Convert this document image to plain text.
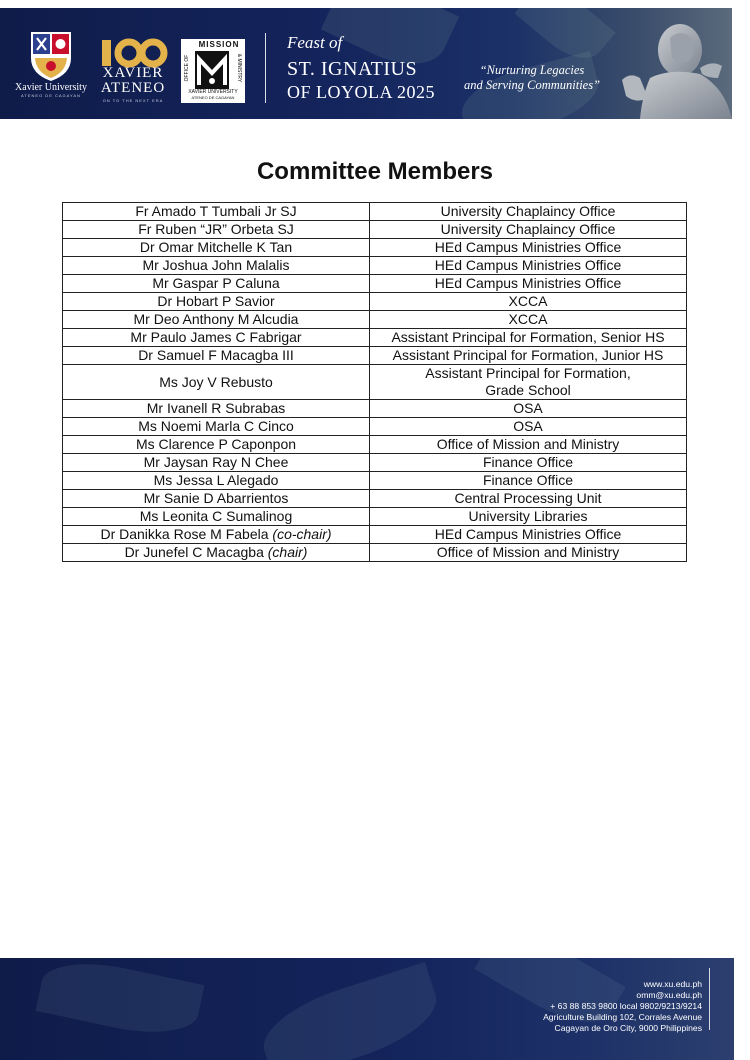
Xavier University
ATENEO DE CAGAYAN
XAVIER
ATENEO
ON TO THE NEXT ERA
MISSION
OFFICE OF	& MINISTRY
XAVIER UNIVERSITY
ATENEO DE CAGAYAN
Feast of
ST. IGNATIUS
OF LOYOLA 2025
“Nurturing Legacies
and Serving Communities”
Committee Members
Fr Amado T Tumbali Jr SJ	University Chaplaincy Office
Fr Ruben “JR” Orbeta SJ	University Chaplaincy Office
Dr Omar Mitchelle K Tan	HEd Campus Ministries Office
Mr Joshua John Malalis	HEd Campus Ministries Office
Mr Gaspar P Caluna	HEd Campus Ministries Office
Dr Hobart P Savior	XCCA
Mr Deo Anthony M Alcudia	XCCA
Mr Paulo James C Fabrigar	Assistant Principal for Formation, Senior HS
Dr Samuel F Macagba III	Assistant Principal for Formation, Junior HS
Ms Joy V Rebusto	Assistant Principal for Formation,
Grade School

Mr Ivanell R Subrabas	OSA
Ms Noemi Marla C Cinco	OSA
Ms Clarence P Caponpon	Office of Mission and Ministry
Mr Jaysan Ray N Chee	Finance Office
Ms Jessa L Alegado	Finance Office
Mr Sanie D Abarrientos	Central Processing Unit
Ms Leonita C Sumalinog	University Libraries
Dr Danikka Rose M Fabela (co-chair)	HEd Campus Ministries Office
Dr Junefel C Macagba (chair)	Office of Mission and Ministry
www.xu.edu.ph
omm@xu.edu.ph
+ 63 88 853 9800 local 9802/9213/9214
Agriculture Building 102, Corrales Avenue
Cagayan de Oro City, 9000 Philippines
